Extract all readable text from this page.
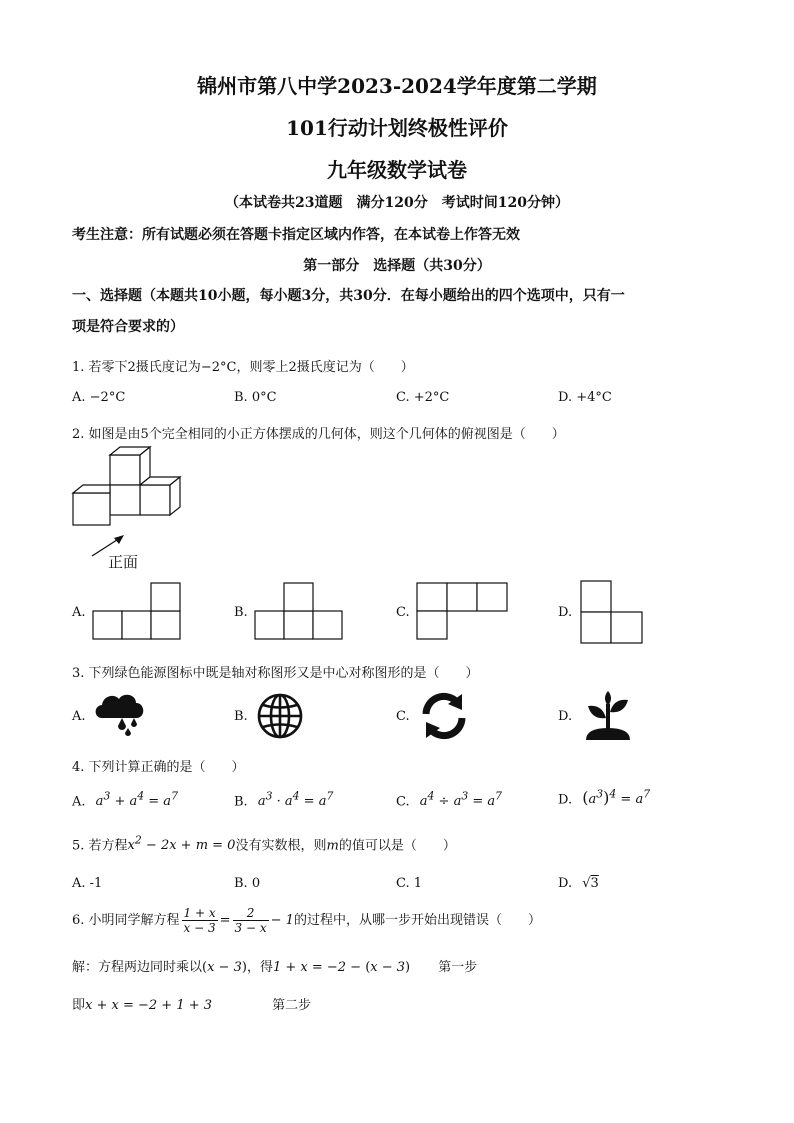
锦州市第八中学2023-2024学年度第二学期
101行动计划终极性评价
九年级数学试卷
（本试卷共23道题　满分120分　考试时间120分钟）
考生注意：所有试题必须在答题卡指定区域内作答，在本试卷上作答无效
第一部分　选择题（共30分）
一、选择题（本题共10小题，每小题3分，共30分．在每小题给出的四个选项中，只有一
项是符合要求的）
1. 若零下2摄氏度记为−2°C，则零上2摄氏度记为（　　）
A. −2°C	B. 0°C	C. +2°C	D. +4°C
2. 如图是由5个完全相同的小正方体摆成的几何体，则这个几何体的俯视图是（　　）
正面
A.	B.	C.	D.
3. 下列绿色能源图标中既是轴对称图形又是中心对称图形的是（　　）
A.	B.	C.	D.
4. 下列计算正确的是（　　）
A. $a^3 + a^4 = a^7$	B. $a^3 \cdot a^4 = a^7$	C. $a^4 \div a^3 = a^7$	D. $(a^3)^4 = a^7$
5. 若方程$x^2 - 2x + m = 0$没有实数根，则m的值可以是（　　）
A. -1	B. 0	C. 1	D. √3
6. 小明同学解方程 $\frac{1 + x}{x - 3} = \frac{2}{3 - x} - 1$的过程中，从哪一步开始出现错误（　　）
解：方程两边同时乘以(x − 3)，得1 + x = −2 − (x − 3) 第一步
即x + x = −2 + 1 + 3	第二步
